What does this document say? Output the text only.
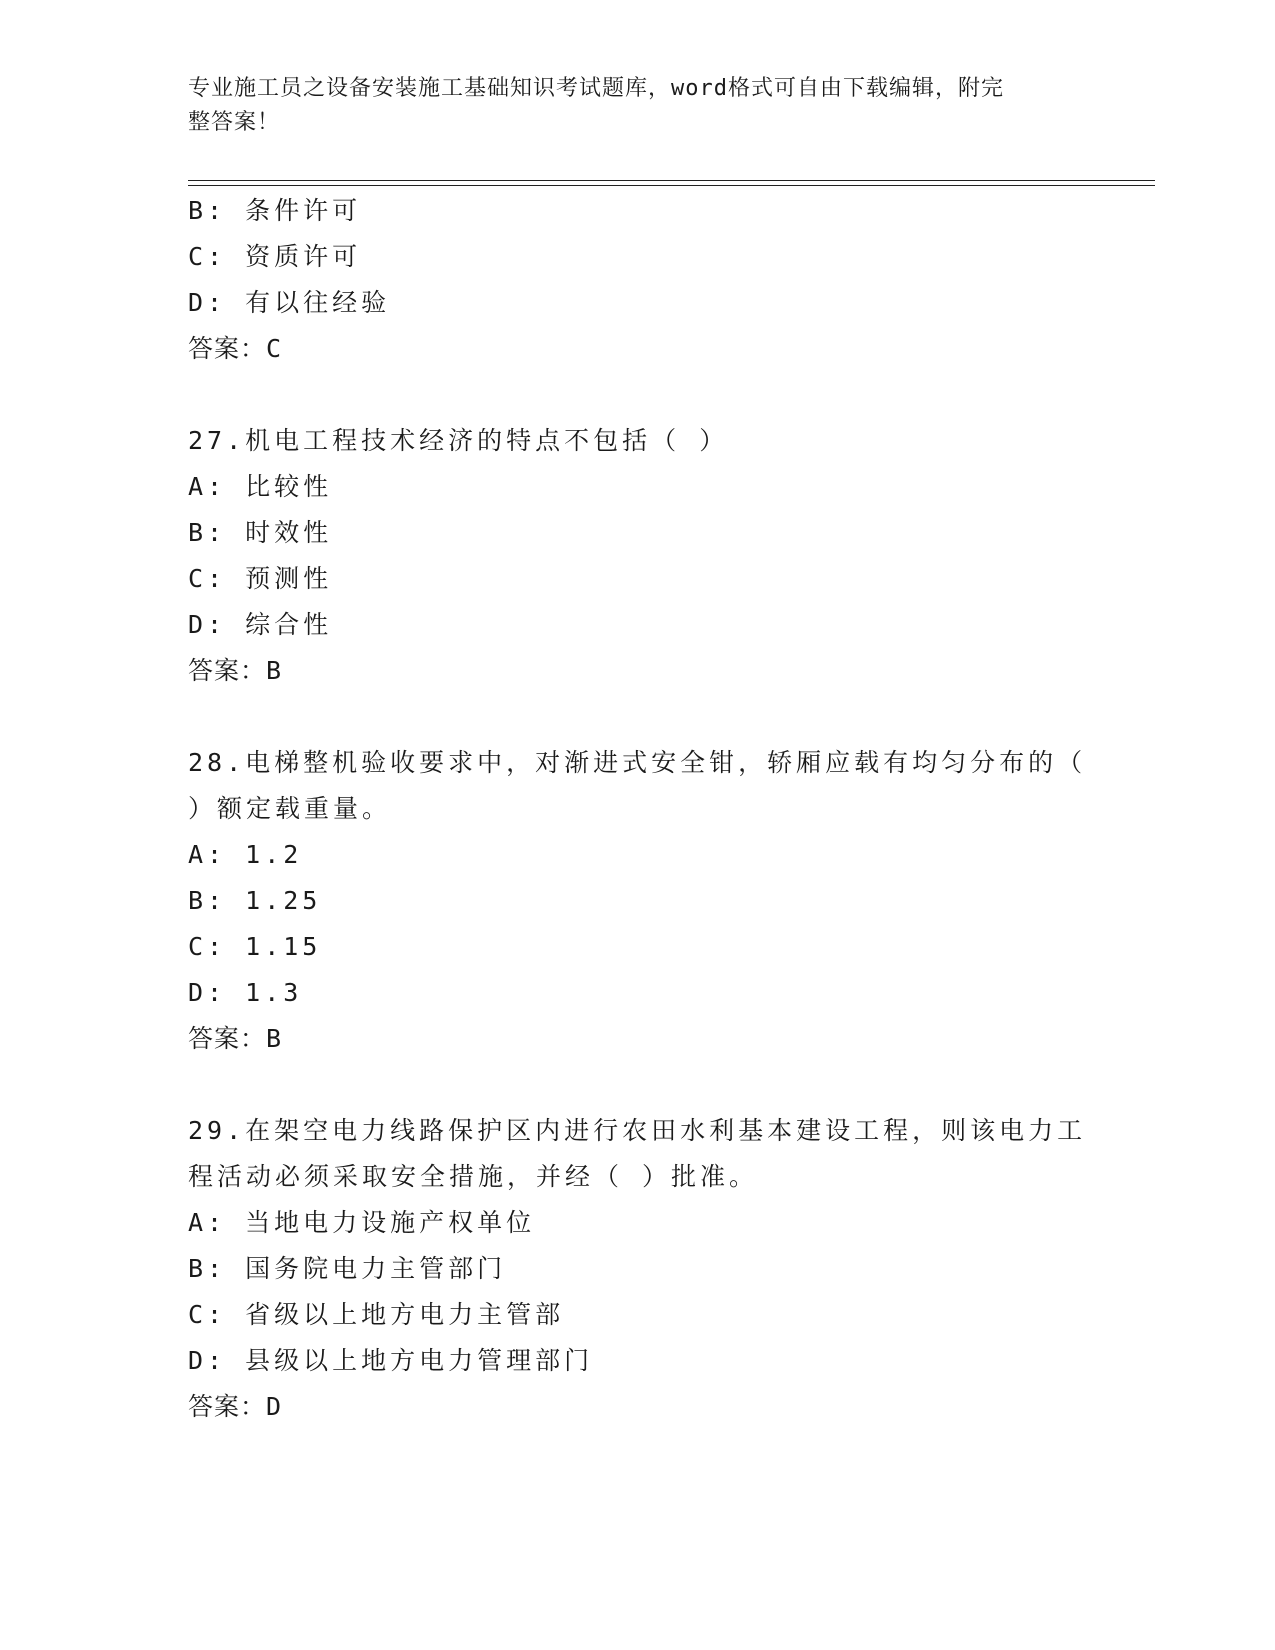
专业施工员之设备安装施工基础知识考试题库，word格式可自由下载编辑，附完
整答案！
B: 条件许可
C: 资质许可
D: 有以往经验
答案：C
27.机电工程技术经济的特点不包括（ ）
A: 比较性
B: 时效性
C: 预测性
D: 综合性
答案：B
28.电梯整机验收要求中，对渐进式安全钳，轿厢应载有均匀分布的（
）额定载重量。
A: 1.2
B: 1.25
C: 1.15
D: 1.3
答案：B
29.在架空电力线路保护区内进行农田水利基本建设工程，则该电力工
程活动必须采取安全措施，并经（ ）批准。
A: 当地电力设施产权单位
B: 国务院电力主管部门
C: 省级以上地方电力主管部
D: 县级以上地方电力管理部门
答案：D
